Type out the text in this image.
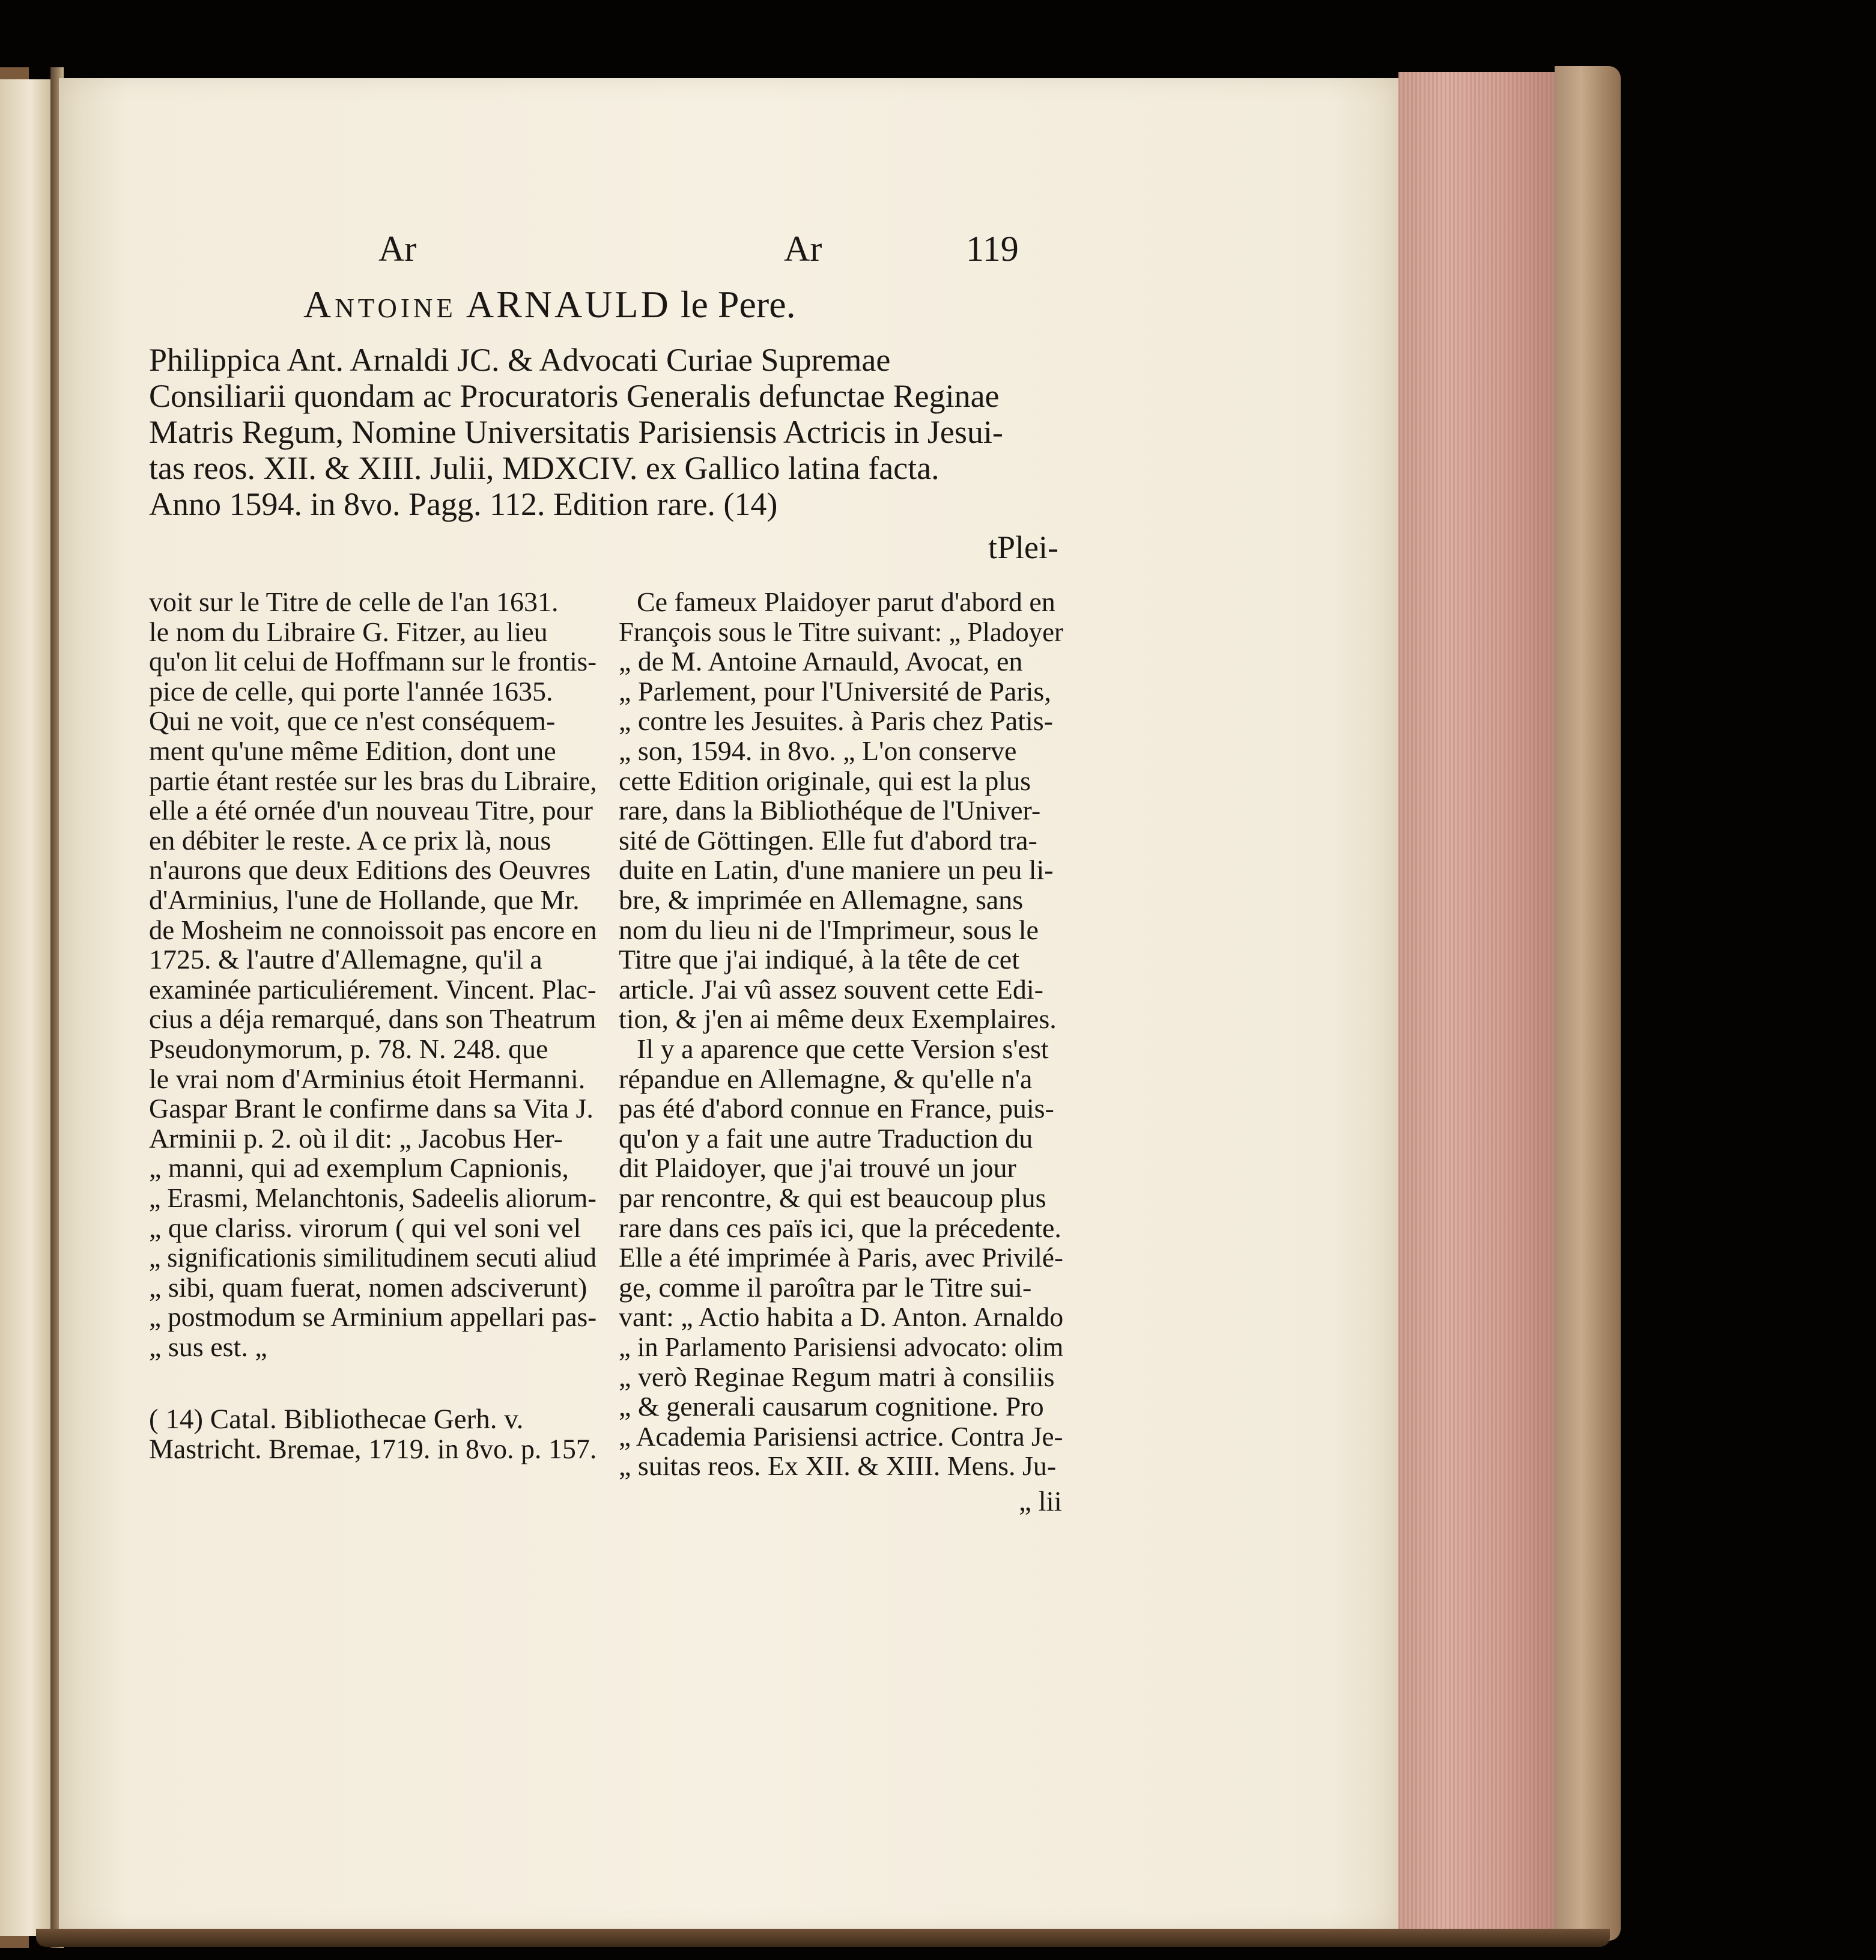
Ar	Ar	119
Antoine ARNAULD le Pere.
Philippica Ant. Arnaldi JC. & Advocati Curiae Supremae
Consiliarii quondam ac Procuratoris Generalis defunctae Reginae
Matris Regum, Nomine Universitatis Parisiensis Actricis in Jesui-
tas reos. XII. & XIII. Julii, MDXCIV. ex Gallico latina facta.
Anno 1594. in 8vo. Pagg. 112. Edition rare. (14)
tPlei-
voit sur le Titre de celle de l'an 1631.
le nom du Libraire G. Fitzer, au lieu
qu'on lit celui de Hoffmann sur le frontis-
pice de celle, qui porte l'année 1635.
Qui ne voit, que ce n'est conséquem-
ment qu'une même Edition, dont une
partie étant restée sur les bras du Libraire,
elle a été ornée d'un nouveau Titre, pour
en débiter le reste. A ce prix là, nous
n'aurons que deux Editions des Oeuvres
d'Arminius, l'une de Hollande, que Mr.
de Mosheim ne connoissoit pas encore en
1725. & l'autre d'Allemagne, qu'il a
examinée particuliérement. Vincent. Plac-
cius a déja remarqué, dans son Theatrum
Pseudonymorum, p. 78. N. 248. que
le vrai nom d'Arminius étoit Hermanni.
Gaspar Brant le confirme dans sa Vita J.
Arminii p. 2. où il dit: „ Jacobus Her-
„ manni, qui ad exemplum Capnionis,
„ Erasmi, Melanchtonis, Sadeelis aliorum-
„ que clariss. virorum ( qui vel soni vel
„ significationis similitudinem secuti aliud
„ sibi, quam fuerat, nomen adsciverunt)
„ postmodum se Arminium appellari pas-
„ sus est. „
( 14) Catal. Bibliothecae Gerh. v.
Mastricht. Bremae, 1719. in 8vo. p. 157.
Ce fameux Plaidoyer parut d'abord en
François sous le Titre suivant: „ Pladoyer
„ de M. Antoine Arnauld, Avocat, en
„ Parlement, pour l'Université de Paris,
„ contre les Jesuites. à Paris chez Patis-
„ son, 1594. in 8vo. „ L'on conserve
cette Edition originale, qui est la plus
rare, dans la Bibliothéque de l'Univer-
sité de Göttingen. Elle fut d'abord tra-
duite en Latin, d'une maniere un peu li-
bre, & imprimée en Allemagne, sans
nom du lieu ni de l'Imprimeur, sous le
Titre que j'ai indiqué, à la tête de cet
article. J'ai vû assez souvent cette Edi-
tion, & j'en ai même deux Exemplaires.
Il y a aparence que cette Version s'est
répandue en Allemagne, & qu'elle n'a
pas été d'abord connue en France, puis-
qu'on y a fait une autre Traduction du
dit Plaidoyer, que j'ai trouvé un jour
par rencontre, & qui est beaucoup plus
rare dans ces païs ici, que la précedente.
Elle a été imprimée à Paris, avec Privilé-
ge, comme il paroîtra par le Titre sui-
vant: „ Actio habita a D. Anton. Arnaldo
„ in Parlamento Parisiensi advocato: olim
„ verò Reginae Regum matri à consiliis
„ & generali causarum cognitione. Pro
„ Academia Parisiensi actrice. Contra Je-
„ suitas reos. Ex XII. & XIII. Mens. Ju-
„ lii
